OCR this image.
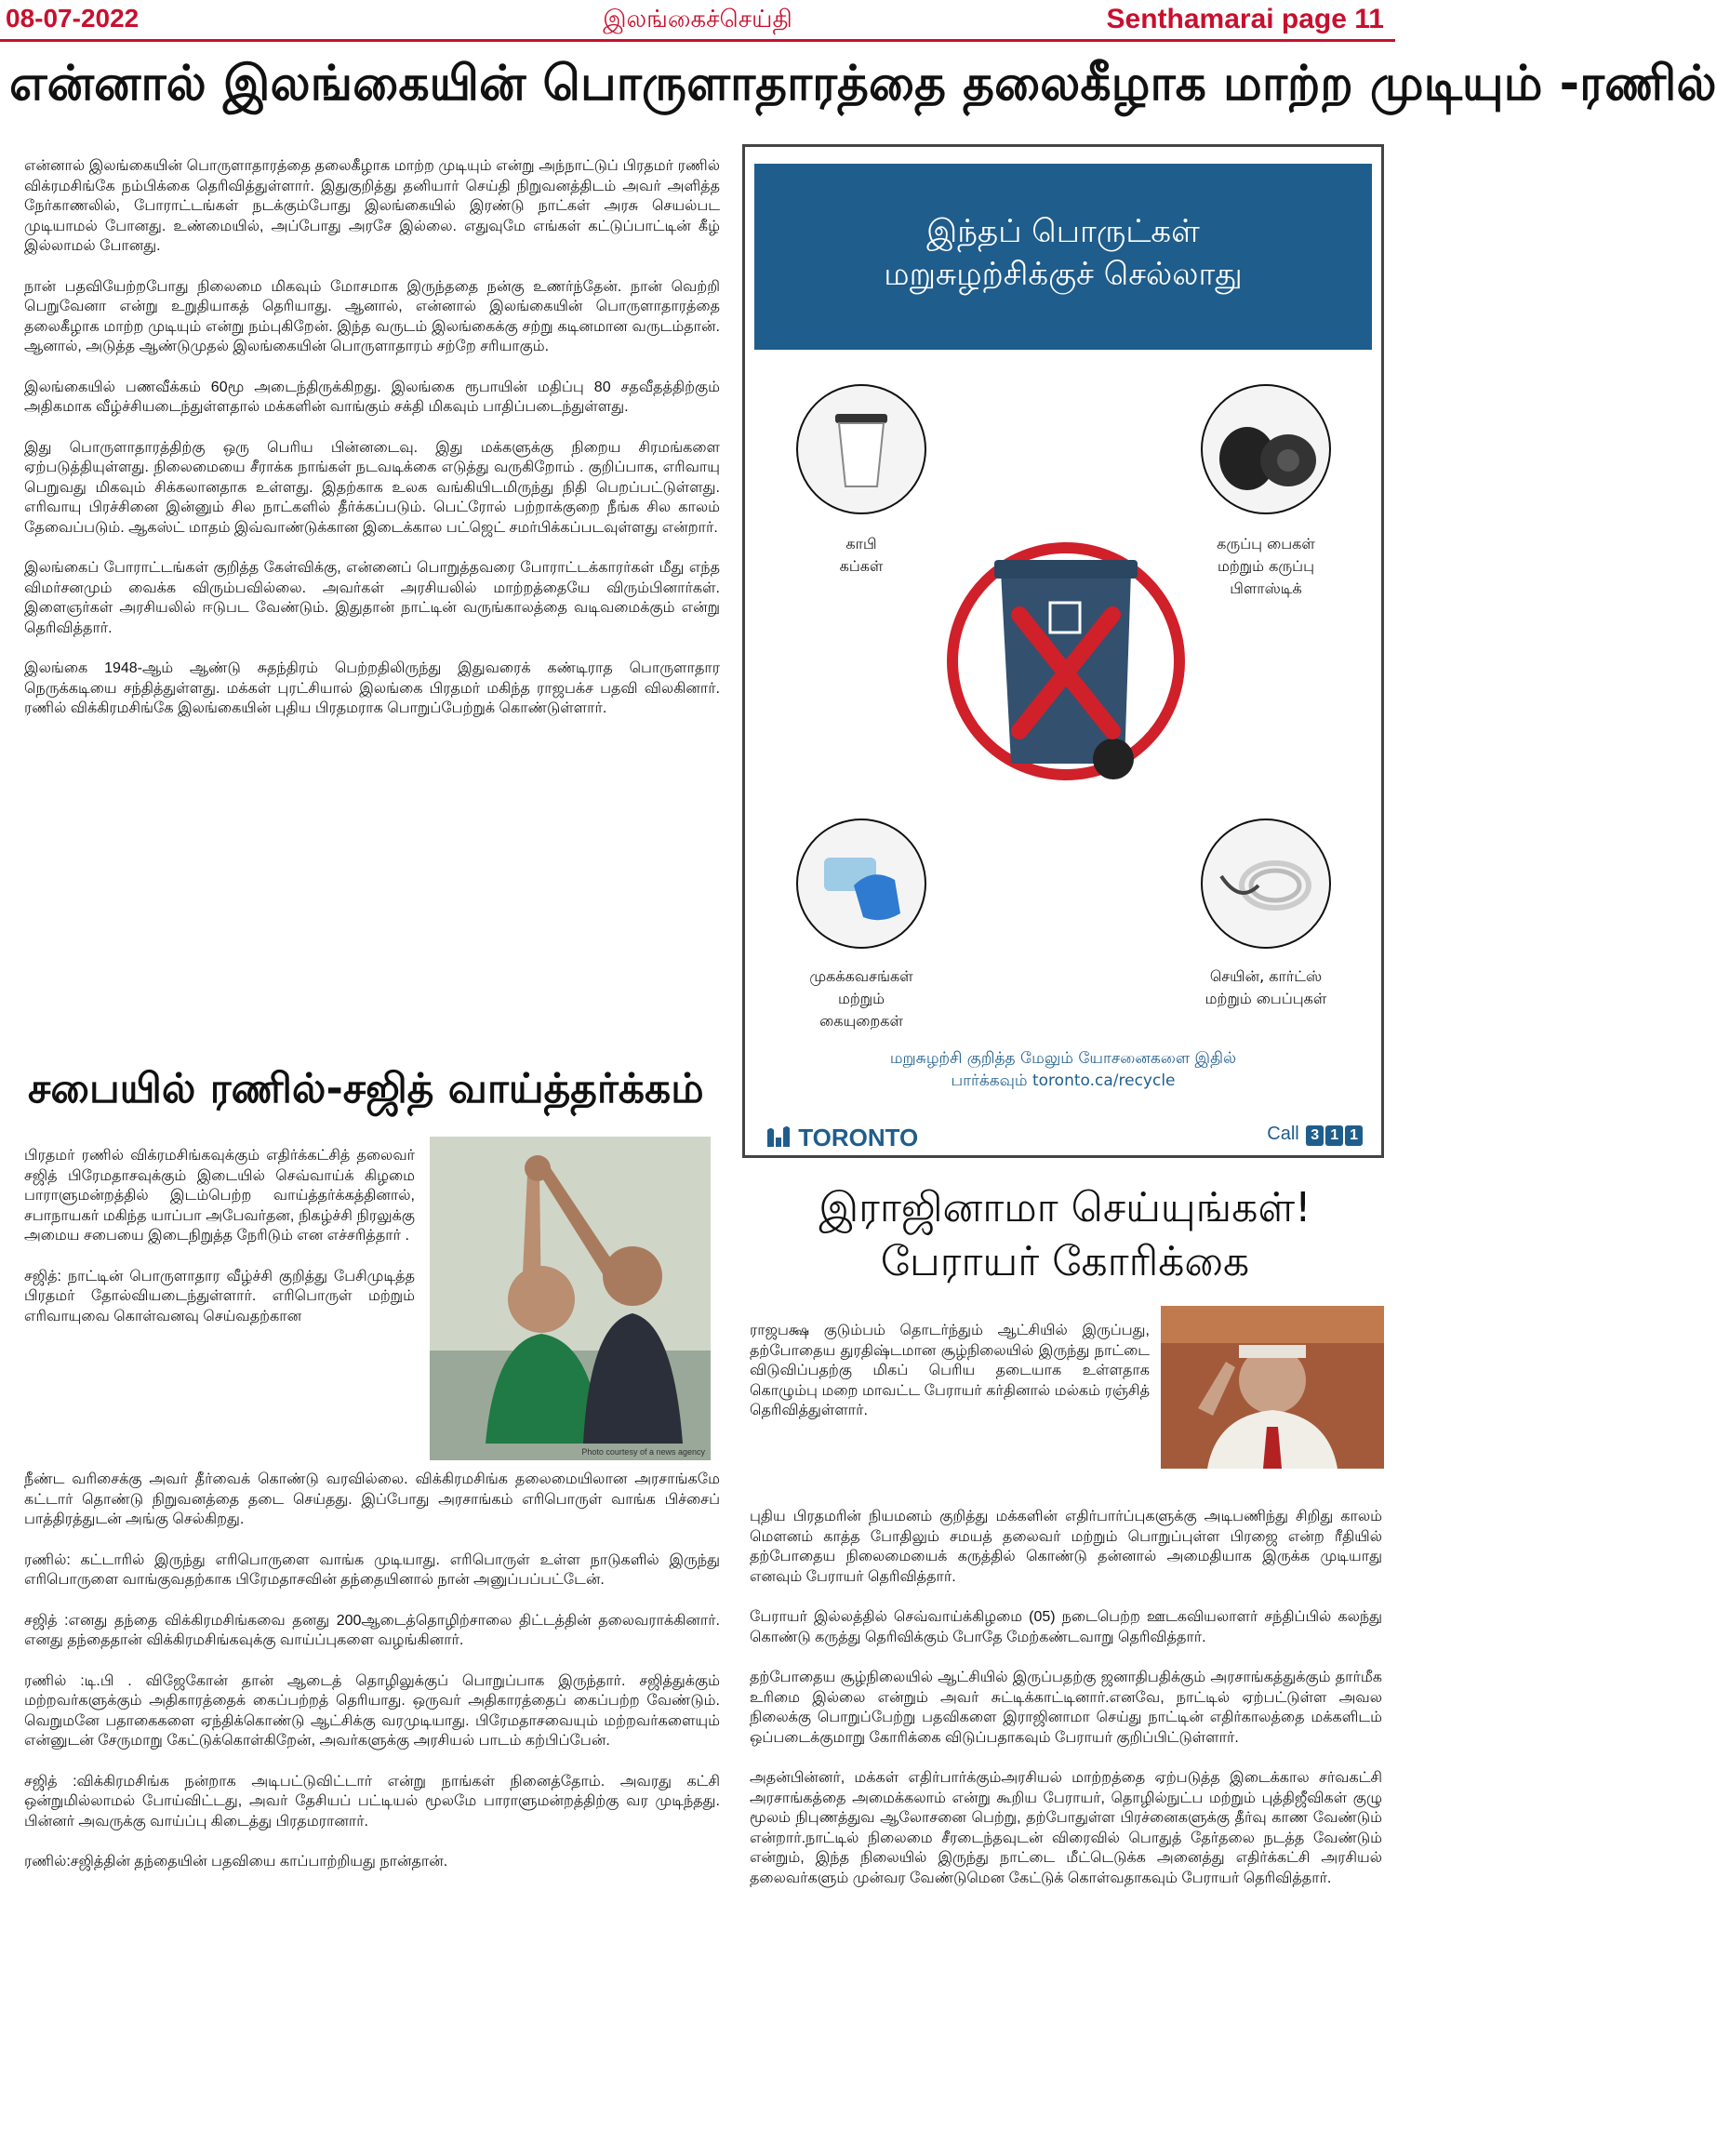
08-07-2022	இலங்கைச்செய்தி	Senthamarai page 11
என்னால் இலங்கையின் பொருளாதாரத்தை தலைகீழாக மாற்ற முடியும் -ரணில்

என்னால் இலங்கையின் பொருளாதாரத்தை தலைகீழாக மாற்ற முடியும் என்று அந்நாட்டுப் பிரதமர் ரணில் விக்ரமசிங்கே நம்பிக்கை தெரிவித்துள்ளார். இதுகுறித்து தனியார் செய்தி நிறுவனத்திடம் அவர் அளித்த நேர்காணலில், போராட்டங்கள் நடக்கும்போது இலங்கையில் இரண்டு நாட்கள் அரசு செயல்பட முடியாமல் போனது. உண்மையில், அப்போது அரசே இல்லை. எதுவுமே எங்கள் கட்டுப்பாட்டின் கீழ் இல்லாமல் போனது.

நான் பதவியேற்றபோது நிலைமை மிகவும் மோசமாக இருந்ததை நன்கு உணர்ந்தேன். நான் வெற்றி பெறுவேனா என்று உறுதியாகத் தெரியாது. ஆனால், என்னால் இலங்கையின் பொருளாதாரத்தை தலைகீழாக மாற்ற முடியும் என்று நம்புகிறேன். இந்த வருடம் இலங்கைக்கு சற்று கடினமான வருடம்தான். ஆனால், அடுத்த ஆண்டுமுதல் இலங்கையின் பொருளாதாரம் சற்றே சரியாகும்.

இலங்கையில் பணவீக்கம் 60மூ அடைந்திருக்கிறது. இலங்கை ரூபாயின் மதிப்பு 80 சதவீதத்திற்கும் அதிகமாக வீழ்ச்சியடைந்துள்ளதால் மக்களின் வாங்கும் சக்தி மிகவும் பாதிப்படைந்துள்ளது.

இது பொருளாதாரத்திற்கு ஒரு பெரிய பின்னடைவு. இது மக்களுக்கு நிறைய சிரமங்களை ஏற்படுத்தியுள்ளது. நிலைமையை சீராக்க நாங்கள் நடவடிக்கை எடுத்து வருகிறோம் . குறிப்பாக, எரிவாயு பெறுவது மிகவும் சிக்கலானதாக உள்ளது. இதற்காக உலக வங்கியிடமிருந்து நிதி பெறப்பட்டுள்ளது. எரிவாயு பிரச்சினை இன்னும் சில நாட்களில் தீர்க்கப்படும். பெட்ரோல் பற்றாக்குறை நீங்க சில காலம் தேவைப்படும். ஆகஸ்ட் மாதம் இவ்வாண்டுக்கான இடைக்கால பட்ஜெட் சமர்பிக்கப்படவுள்ளது என்றார்.

இலங்கைப் போராட்டங்கள் குறித்த கேள்விக்கு, என்னைப் பொறுத்தவரை போராட்டக்காரர்கள் மீது எந்த விமர்சனமும் வைக்க விரும்பவில்லை. அவர்கள் அரசியலில் மாற்றத்தையே விரும்பினார்கள். இளைஞர்கள் அரசியலில் ஈடுபட வேண்டும். இதுதான் நாட்டின் வருங்காலத்தை வடிவமைக்கும் என்று தெரிவித்தார்.

இலங்கை 1948-ஆம் ஆண்டு சுதந்திரம் பெற்றதிலிருந்து இதுவரைக் கண்டிராத பொருளாதார நெருக்கடியை சந்தித்துள்ளது. மக்கள் புரட்சியால் இலங்கை பிரதமர் மகிந்த ராஜபக்ச பதவி விலகினார். ரணில் விக்கிரமசிங்கே இலங்கையின் புதிய பிரதமராக பொறுப்பேற்றுக் கொண்டுள்ளார்.

சபையில் ரணில்-சஜித் வாய்த்தர்க்கம்

பிரதமர் ரணில் விக்ரமசிங்கவுக்கும் எதிர்க்கட்சித் தலைவர் சஜித் பிரேமதாசவுக்கும் இடையில் செவ்வாய்க் கிழமை பாராளுமன்றத்தில் இடம்பெற்ற வாய்த்தர்க்கத்தினால், சபாநாயகர் மகிந்த யாப்பா அபேவர்தன, நிகழ்ச்சி நிரலுக்கு அமைய சபையை இடைநிறுத்த நேரிடும் என எச்சரித்தார் .

சஜித்: நாட்டின் பொருளாதார வீழ்ச்சி குறித்து பேசிமுடித்த பிரதமர் தோல்வியடைந்துள்ளார். எரிபொருள் மற்றும் எரிவாயுவை கொள்வனவு செய்வதற்கான

Photo courtesy of a news agency

நீண்ட வரிசைக்கு அவர் தீர்வைக் கொண்டு வரவில்லை. விக்கிரமசிங்க தலைமையிலான அரசாங்கமே கட்டார் தொண்டு நிறுவனத்தை தடை செய்தது. இப்போது அரசாங்கம் எரிபொருள் வாங்க பிச்சைப் பாத்திரத்துடன் அங்கு செல்கிறது.

ரணில்: கட்டாரில் இருந்து எரிபொருளை வாங்க முடியாது. எரிபொருள் உள்ள நாடுகளில் இருந்து எரிபொருளை வாங்குவதற்காக பிரேமதாசவின் தந்தையினால் நான் அனுப்பப்பட்டேன்.

சஜித் :எனது தந்தை விக்கிரமசிங்கவை தனது 200ஆடைத்தொழிற்சாலை திட்டத்தின் தலைவராக்கினார். எனது தந்தைதான் விக்கிரமசிங்கவுக்கு வாய்ப்புகளை வழங்கினார்.

ரணில் :டி.பி . விஜேகோன் தான் ஆடைத் தொழிலுக்குப் பொறுப்பாக இருந்தார். சஜித்துக்கும் மற்றவர்களுக்கும் அதிகாரத்தைக் கைப்பற்றத் தெரியாது. ஒருவர் அதிகாரத்தைப் கைப்பற்ற வேண்டும். வெறுமனே பதாகைகளை ஏந்திக்கொண்டு ஆட்சிக்கு வரமுடியாது. பிரேமதாசவையும் மற்றவர்களையும் என்னுடன் சேருமாறு கேட்டுக்கொள்கிறேன், அவர்களுக்கு அரசியல் பாடம் கற்பிப்பேன்.

சஜித் :விக்கிரமசிங்க நன்றாக அடிபட்டுவிட்டார் என்று நாங்கள் நினைத்தோம். அவரது கட்சி ஒன்றுமில்லாமல் போய்விட்டது, அவர் தேசியப் பட்டியல் மூலமே பாராளுமன்றத்திற்கு வர முடிந்தது. பின்னர் அவருக்கு வாய்ப்பு கிடைத்து பிரதமரானார்.

ரணில்:சஜித்தின் தந்தையின் பதவியை காப்பாற்றியது நான்தான்.

இந்தப் பொருட்கள்
மறுசுழற்சிக்குச் செல்லாது
காபி
கப்கள்
கருப்பு பைகள்
மற்றும் கருப்பு
பிளாஸ்டிக்
முகக்கவசங்கள்
மற்றும்
கையுறைகள்
செயின், கார்ட்ஸ்
மற்றும் பைப்புகள்
மறுசுழற்சி குறித்த மேலும் யோசனைகளை இதில்
பார்க்கவும் toronto.ca/recycle
TORONTO	Call 3 1 1
இராஜினாமா செய்யுங்கள்!
பேராயர் கோரிக்கை
ராஜபக்ஷ குடும்பம் தொடர்ந்தும் ஆட்சியில் இருப்பது, தற்போதைய துரதிஷ்டமான சூழ்நிலையில் இருந்து நாட்டை விடுவிப்பதற்கு மிகப் பெரிய தடையாக உள்ளதாக கொழும்பு மறை மாவட்ட பேராயர் கர்தினால் மல்கம் ரஞ்சித் தெரிவித்துள்ளார்.

புதிய பிரதமரின் நியமனம் குறித்து மக்களின் எதிர்பார்ப்புகளுக்கு அடிபணிந்து சிறிது காலம் மௌனம் காத்த போதிலும் சமயத் தலைவர் மற்றும் பொறுப்புள்ள பிரஜை என்ற ரீதியில் தற்போதைய நிலைமையைக் கருத்தில் கொண்டு தன்னால் அமைதியாக இருக்க முடியாது எனவும் பேராயர் தெரிவித்தார்.

பேராயர் இல்லத்தில் செவ்வாய்க்கிழமை (05) நடைபெற்ற ஊடகவியலாளர் சந்திப்பில் கலந்து கொண்டு கருத்து தெரிவிக்கும் போதே மேற்கண்டவாறு தெரிவித்தார்.

தற்போதைய சூழ்நிலையில் ஆட்சியில் இருப்பதற்கு ஜனாதிபதிக்கும் அரசாங்கத்துக்கும் தார்மீக உரிமை இல்லை என்றும் அவர் சுட்டிக்காட்டினார்.எனவே, நாட்டில் ஏற்பட்டுள்ள அவல நிலைக்கு பொறுப்பேற்று பதவிகளை இராஜினாமா செய்து நாட்டின் எதிர்காலத்தை மக்களிடம் ஒப்படைக்குமாறு கோரிக்கை விடுப்பதாகவும் பேராயர் குறிப்பிட்டுள்ளார்.

அதன்பின்னர், மக்கள் எதிர்பார்க்கும்அரசியல் மாற்றத்தை ஏற்படுத்த இடைக்கால சர்வகட்சி அரசாங்கத்தை அமைக்கலாம் என்று கூறிய பேராயர், தொழில்நுட்ப மற்றும் புத்திஜீவிகள் குழு மூலம் நிபுணத்துவ ஆலோசனை பெற்று, தற்போதுள்ள பிரச்னைகளுக்கு தீர்வு காண வேண்டும் என்றார்.நாட்டில் நிலைமை சீரடைந்தவுடன் விரைவில் பொதுத் தேர்தலை நடத்த வேண்டும் என்றும், இந்த நிலையில் இருந்து நாட்டை மீட்டெடுக்க அனைத்து எதிர்க்கட்சி அரசியல் தலைவர்களும் முன்வர வேண்டுமென கேட்டுக் கொள்வதாகவும் பேராயர் தெரிவித்தார்.
